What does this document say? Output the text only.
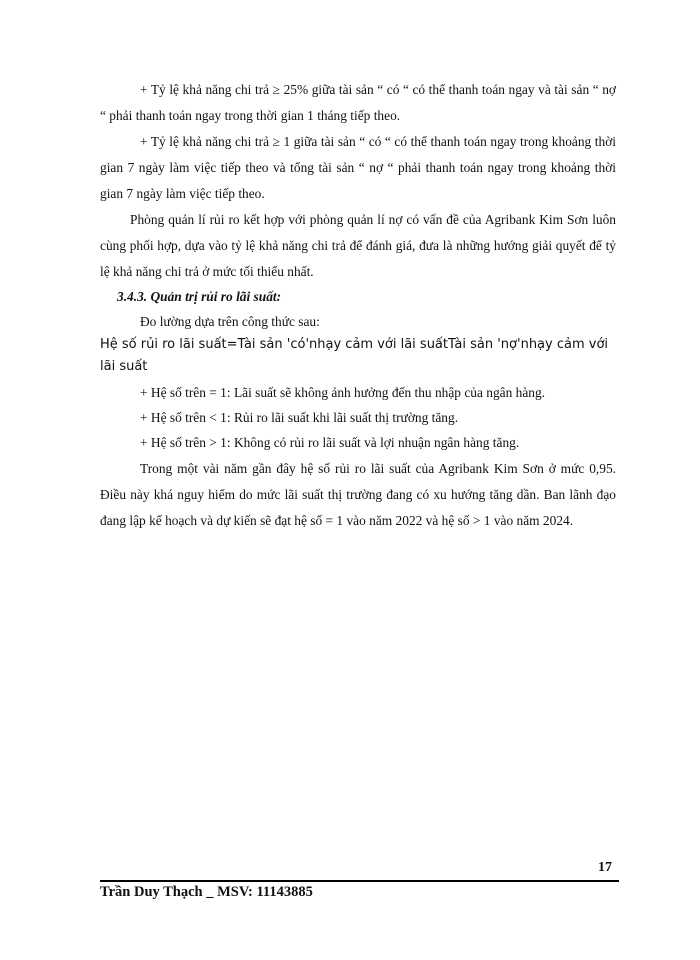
+ Tỷ lệ khả năng chi trả ≥ 25% giữa tài sản “ có “ có thể thanh toán ngay và tài sản “ nợ “ phải thanh toán ngay trong thời gian 1 tháng tiếp theo.

+ Tỷ lệ khả năng chi trả ≥ 1 giữa tài sản “ có “ có thể thanh toán ngay trong khoảng thời gian 7 ngày làm việc tiếp theo và tổng tài sản “ nợ “ phải thanh toán ngay trong khoảng thời gian 7 ngày làm việc tiếp theo.

Phòng quản lí rủi ro kết hợp với phòng quản lí nợ có vấn đề của Agribank Kim Sơn luôn cùng phối hợp, dựa vào tỷ lệ khả năng chi trả để đánh giá, đưa là những hướng giải quyết để tỷ lệ khả năng chi trả ở mức tối thiểu nhất.

3.4.3. Quản trị rủi ro lãi suất:

Đo lường dựa trên công thức sau:

Hệ số rủi ro lãi suất=Tài sản 'có'nhạy cảm với lãi suấtTài sản 'nợ'nhạy cảm với lãi suất

+ Hệ số trên = 1: Lãi suất sẽ không ảnh hưởng đến thu nhập của ngân hàng.

+ Hệ số trên < 1: Rủi ro lãi suất khi lãi suất thị trường tăng.

+ Hệ số trên > 1: Không có rủi ro lãi suất và lợi nhuận ngân hàng tăng.

Trong một vài năm gần đây hệ số rủi ro lãi suất của Agribank Kim Sơn ở mức 0,95. Điều này khá nguy hiểm do mức lãi suất thị trường đang có xu hướng tăng dần. Ban lãnh đạo đang lập kế hoạch và dự kiến sẽ đạt hệ số = 1 vào năm 2022 và hệ số > 1 vào năm 2024.

17
Trần Duy Thạch _ MSV: 11143885
